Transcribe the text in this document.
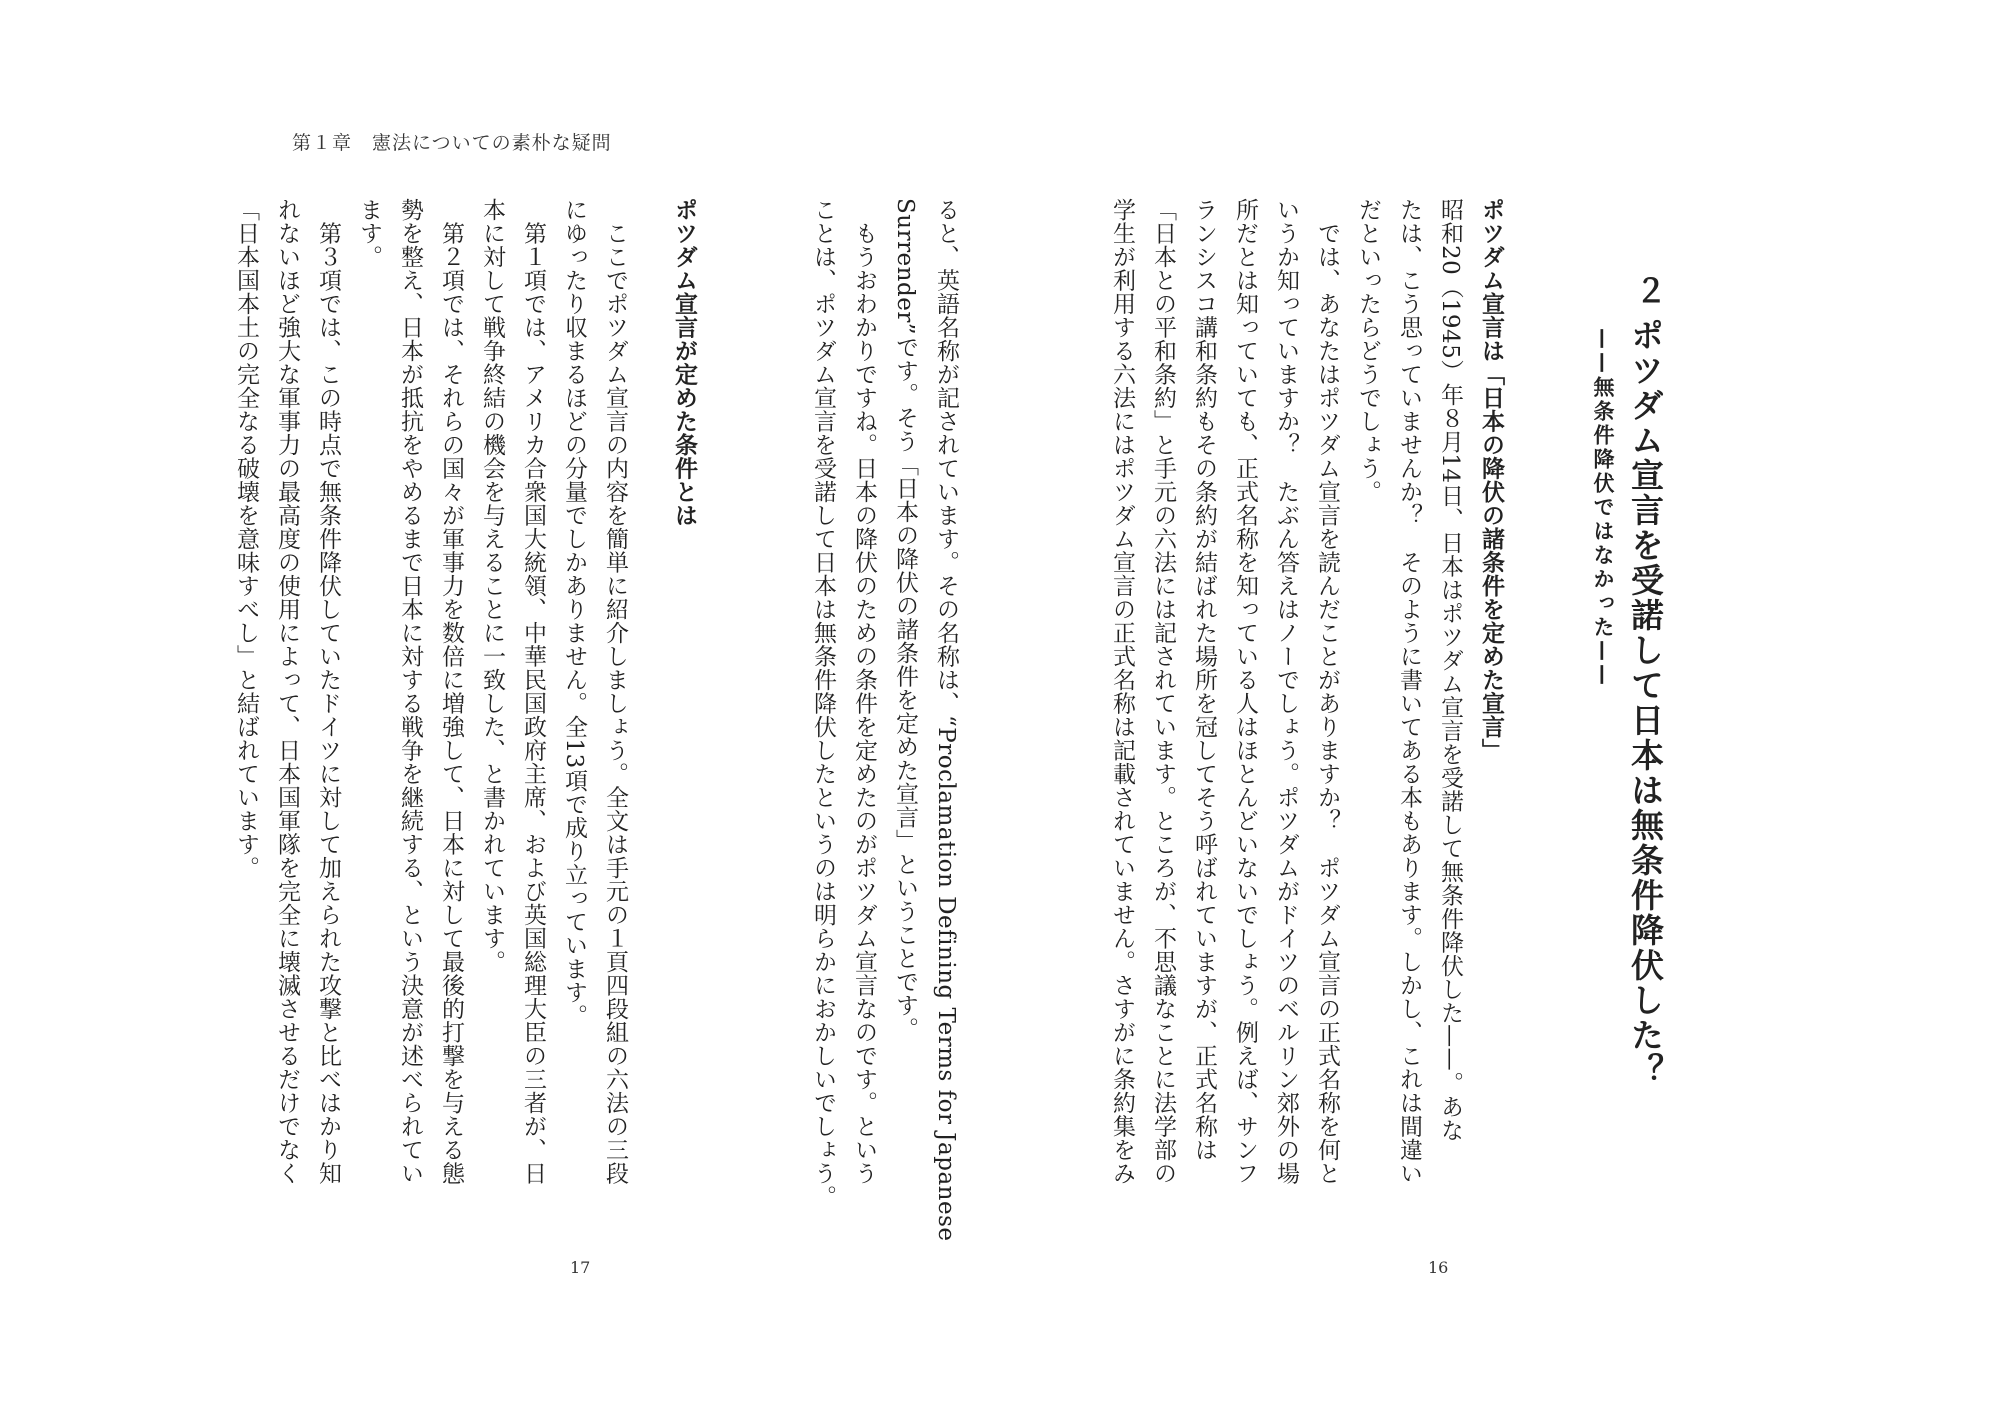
第１章　憲法についての素朴な疑問
２
ポツダム宣言を受諾して日本は無条件降伏した？
——無条件降伏ではなかった——
ポツダム宣言は「日本の降伏の諸条件を定めた宣言」
昭和20（1945）年８月14日、日本はポツダム宣言を受諾して無条件降伏した——。あな
たは、こう思っていませんか？　そのように書いてある本もあります。しかし、これは間違い
だといったらどうでしょう。
　では、あなたはポツダム宣言を読んだことがありますか？　ポツダム宣言の正式名称を何と
いうか知っていますか？　たぶん答えはノーでしょう。ポツダムがドイツのベルリン郊外の場
所だとは知っていても、正式名称を知っている人はほとんどいないでしょう。例えば、サンフ
ランシスコ講和条約もその条約が結ばれた場所を冠してそう呼ばれていますが、正式名称は
「日本との平和条約」と手元の六法には記されています。ところが、不思議なことに法学部の
学生が利用する六法にはポツダム宣言の正式名称は記載されていません。さすがに条約集をみ
16
ると、英語名称が記されています。その名称は、“Proclamation Defining Terms for Japanese
Surrender”です。そう「日本の降伏の諸条件を定めた宣言」ということです。
　もうおわかりですね。日本の降伏のための条件を定めたのがポツダム宣言なのです。という
ことは、ポツダム宣言を受諾して日本は無条件降伏したというのは明らかにおかしいでしょう。
ポツダム宣言が定めた条件とは
　ここでポツダム宣言の内容を簡単に紹介しましょう。全文は手元の１頁四段組の六法の三段
にゆったり収まるほどの分量でしかありません。全13項で成り立っています。
　第１項では、アメリカ合衆国大統領、中華民国政府主席、および英国総理大臣の三者が、日
本に対して戦争終結の機会を与えることに一致した、と書かれています。
　第２項では、それらの国々が軍事力を数倍に増強して、日本に対して最後的打撃を与える態
勢を整え、日本が抵抗をやめるまで日本に対する戦争を継続する、という決意が述べられてい
ます。
　第３項では、この時点で無条件降伏していたドイツに対して加えられた攻撃と比べはかり知
れないほど強大な軍事力の最高度の使用によって、日本国軍隊を完全に壊滅させるだけでなく
「日本国本土の完全なる破壊を意味すべし」と結ばれています。
17
